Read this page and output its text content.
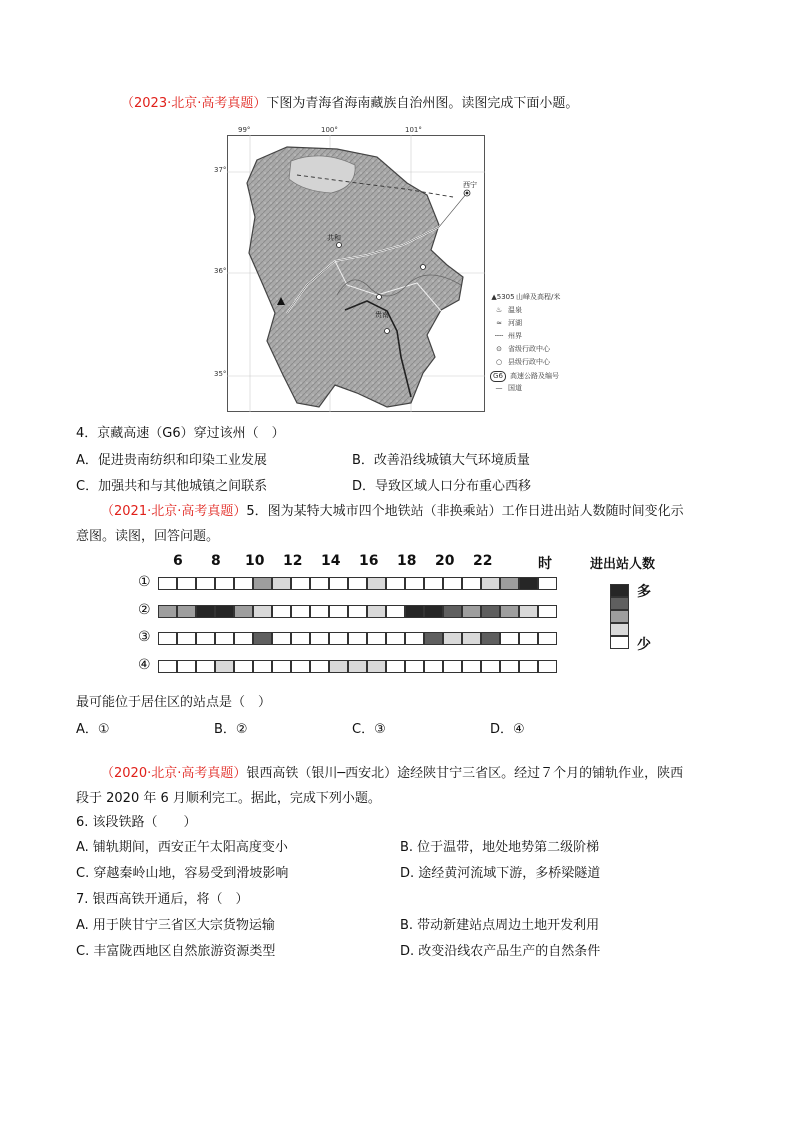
（2023·北京·高考真题）下图为青海省海南藏族自治州图。读图完成下面小题。
99°	100°	101°
37°
36°
35°
西宁
共和
贵南
▲5305 山峰及高程/米
♨ 温泉
≈ 河湖
╌╌ 州界
⊙ 省级行政中心
○ 县级行政中心
G6	高速公路及编号
— 国道
4．京藏高速（G6）穿过该州（　）
A．促进贵南纺织和印染工业发展	B．改善沿线城镇大气环境质量
C．加强共和与其他城镇之间联系	D．导致区域人口分布重心西移
（2021·北京·高考真题）5．图为某特大城市四个地铁站（非换乘站）工作日进出站人数随时间变化示
意图。读图，回答问题。
6 8 10 12 14 16 18 20 22	时
①
②
③
④
进出站人数
多
少
最可能位于居住区的站点是（　）
A．①	B．②	C．③	D．④
（2020·北京·高考真题）银西高铁（银川─西安北）途经陕甘宁三省区。经过７个月的铺轨作业，陕西
段于 2020 年 6 月顺利完工。据此，完成下列小题。
6. 该段铁路（　　）
A. 铺轨期间，西安正午太阳高度变小	B. 位于温带，地处地势第二级阶梯
C. 穿越秦岭山地，容易受到滑坡影响	D. 途经黄河流域下游，多桥梁隧道
7. 银西高铁开通后，将（　）
A. 用于陕甘宁三省区大宗货物运输	B. 带动新建站点周边土地开发利用
C. 丰富陇西地区自然旅游资源类型	D. 改变沿线农产品生产的自然条件
